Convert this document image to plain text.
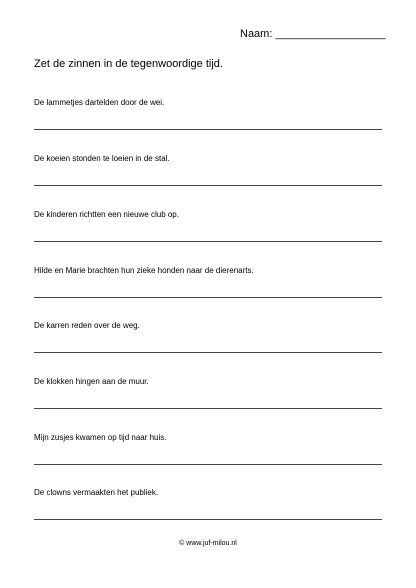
Naam: __________________
Zet de zinnen in de tegenwoordige tijd.
De lammetjes dartelden door de wei.
De koeien stonden te loeien in de stal.
De kinderen richtten een nieuwe club op.
Hilde en Marie brachten hun zieke honden naar de dierenarts.
De karren reden over de weg.
De klokken hingen aan de muur.
Mijn zusjes kwamen op tijd naar huis.
De clowns vermaakten het publiek.
© www.juf-milou.nl
